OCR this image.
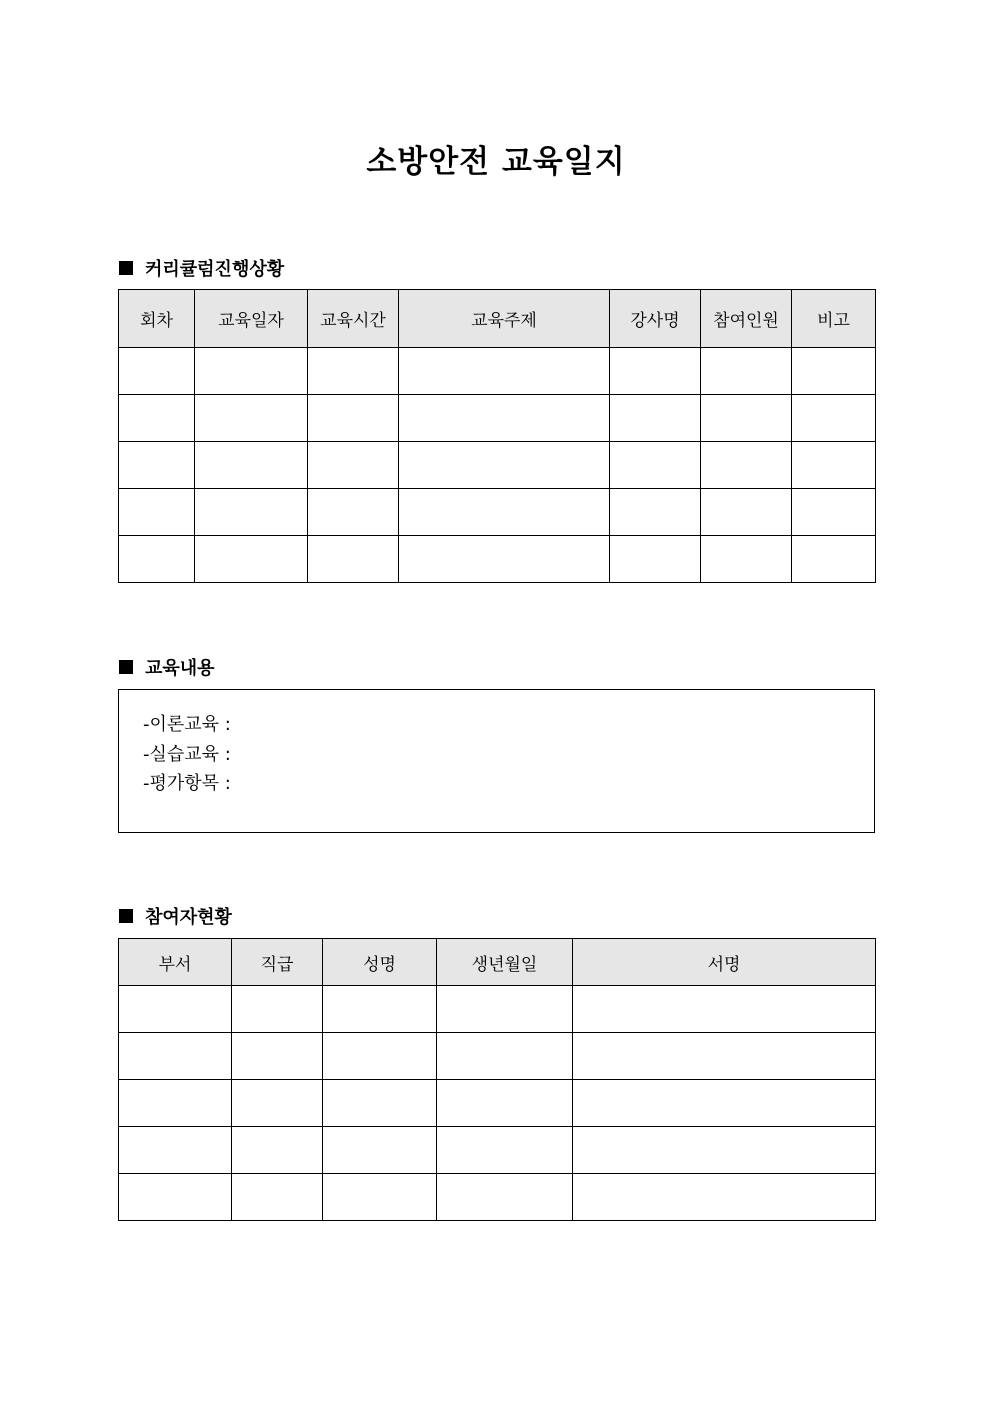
소방안전 교육일지
커리큘럼진행상황
회차	교육일자	교육시간	교육주제	강사명	참여인원	비고

교육내용
-이론교육 :
-실습교육 :
-평가항목 :
참여자현황
부서	직급	성명	생년월일	서명
